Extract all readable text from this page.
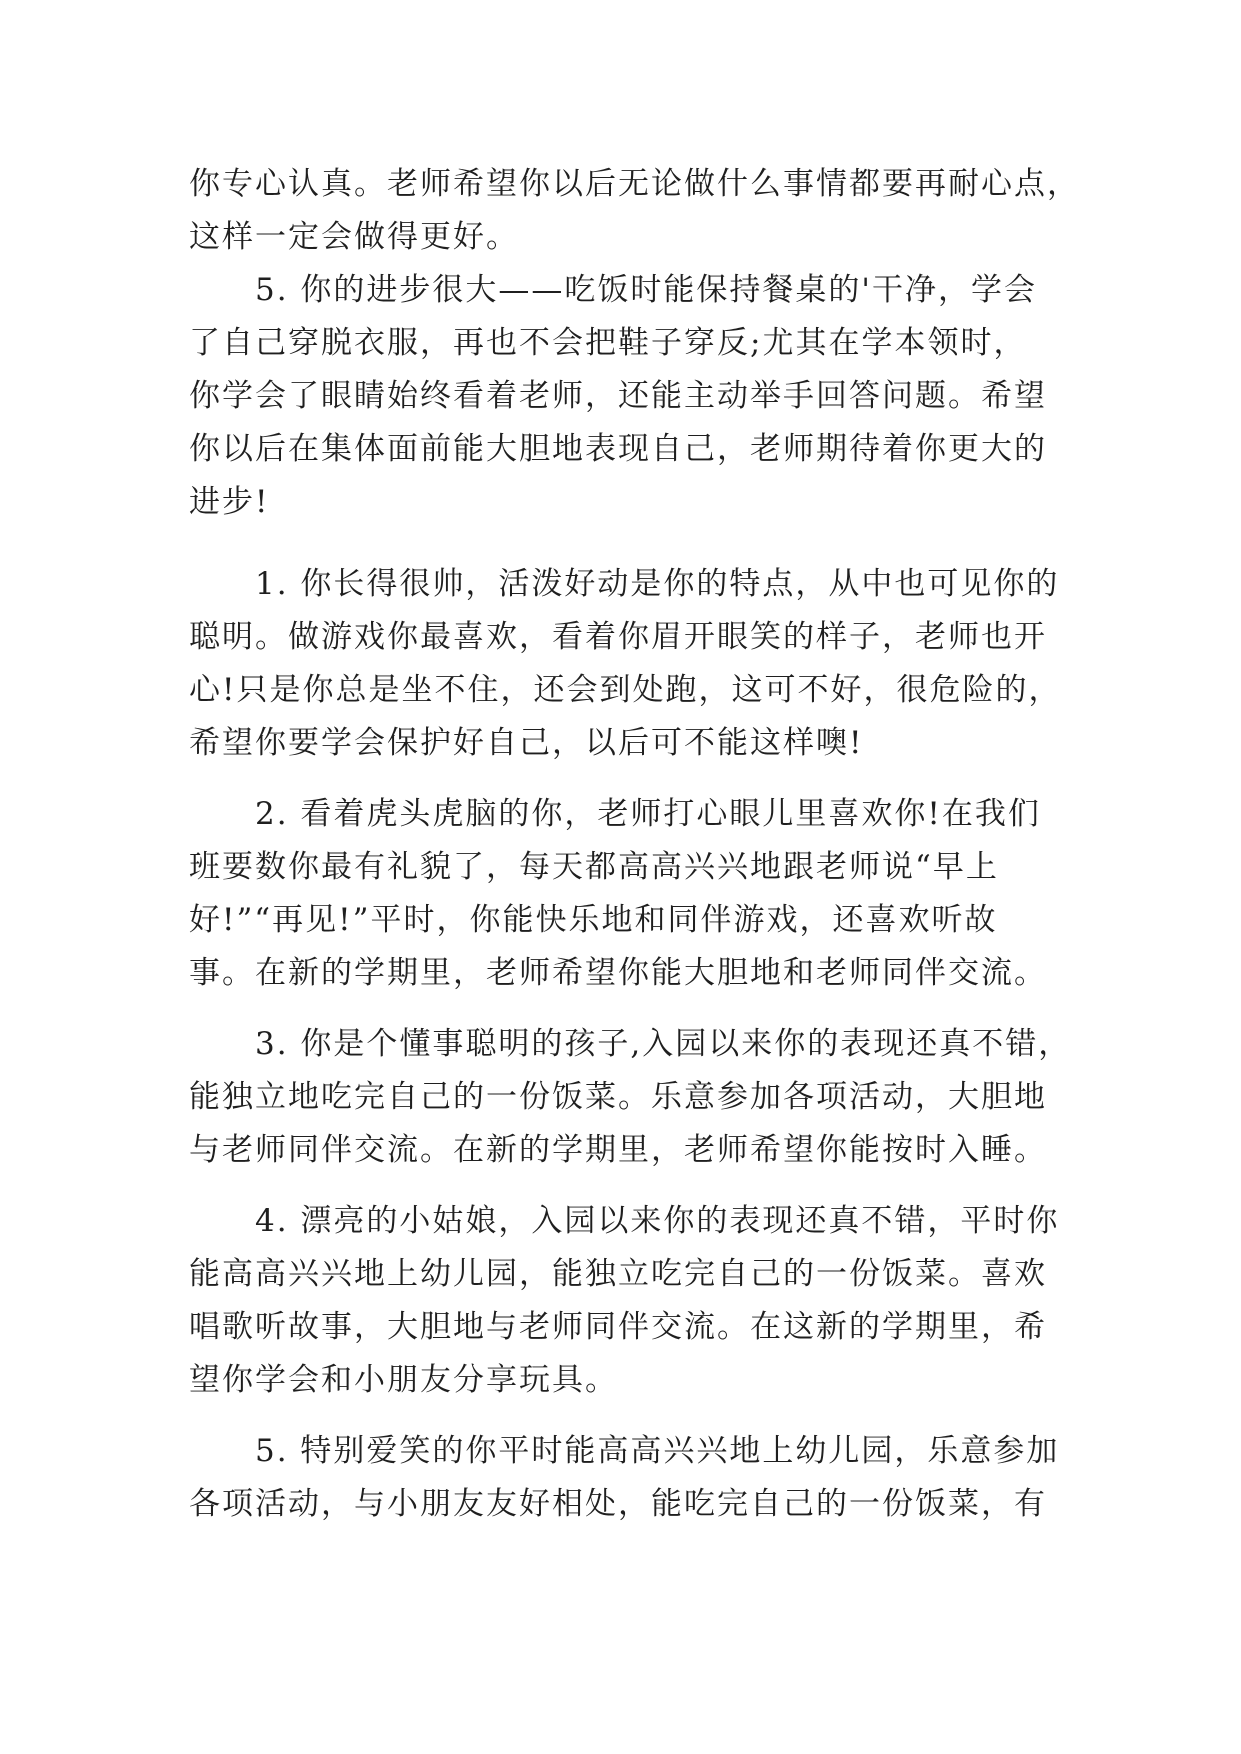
你专心认真。老师希望你以后无论做什么事情都要再耐心点，
这样一定会做得更好。
5. 你的进步很大——吃饭时能保持餐桌的'干净，学会
了自己穿脱衣服，再也不会把鞋子穿反;尤其在学本领时，
你学会了眼睛始终看着老师，还能主动举手回答问题。希望
你以后在集体面前能大胆地表现自己，老师期待着你更大的
进步!
1. 你长得很帅，活泼好动是你的特点，从中也可见你的
聪明。做游戏你最喜欢，看着你眉开眼笑的样子，老师也开
心!只是你总是坐不住，还会到处跑，这可不好，很危险的，
希望你要学会保护好自己，以后可不能这样噢!
2. 看着虎头虎脑的你，老师打心眼儿里喜欢你!在我们
班要数你最有礼貌了，每天都高高兴兴地跟老师说“早上
好!”“再见!”平时，你能快乐地和同伴游戏，还喜欢听故
事。在新的学期里，老师希望你能大胆地和老师同伴交流。
3. 你是个懂事聪明的孩子,入园以来你的表现还真不错，
能独立地吃完自己的一份饭菜。乐意参加各项活动，大胆地
与老师同伴交流。在新的学期里，老师希望你能按时入睡。
4. 漂亮的小姑娘，入园以来你的表现还真不错，平时你
能高高兴兴地上幼儿园，能独立吃完自己的一份饭菜。喜欢
唱歌听故事，大胆地与老师同伴交流。在这新的学期里，希
望你学会和小朋友分享玩具。
5. 特别爱笑的你平时能高高兴兴地上幼儿园，乐意参加
各项活动，与小朋友友好相处，能吃完自己的一份饭菜，有
